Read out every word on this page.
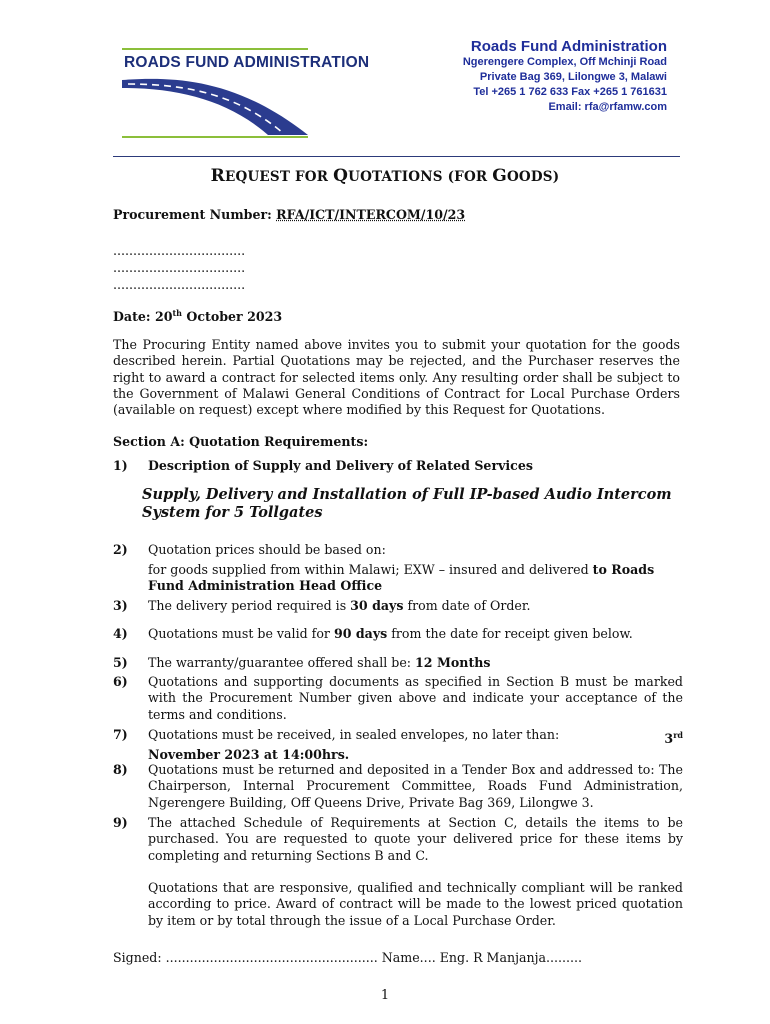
ROADS FUND ADMINISTRATION
Roads Fund Administration
Ngerengere Complex, Off Mchinji Road
Private Bag 369, Lilongwe 3, Malawi
Tel +265 1 762 633 Fax +265 1 761631
Email: rfa@rfamw.com
REQUEST FOR QUOTATIONS (FOR GOODS)
Procurement Number: RFA/ICT/INTERCOM/10/23
.................................
.................................
.................................
Date: 20th October 2023
The Procuring Entity named above invites you to submit your quotation for the goods described herein. Partial Quotations may be rejected, and the Purchaser reserves the right to award a contract for selected items only. Any resulting order shall be subject to the Government of Malawi General Conditions of Contract for Local Purchase Orders (available on request) except where modified by this Request for Quotations.
Section A: Quotation Requirements:
1) Description of Supply and Delivery of Related Services
Supply, Delivery and Installation of Full IP-based Audio Intercom System for 5 Tollgates
2) Quotation prices should be based on:
for goods supplied from within Malawi; EXW – insured and delivered to Roads Fund Administration Head Office
3) The delivery period required is 30 days from date of Order.
4) Quotations must be valid for 90 days from the date for receipt given below.
5) The warranty/guarantee offered shall be: 12 Months
6) Quotations and supporting documents as specified in Section B must be marked with the Procurement Number given above and indicate your acceptance of the terms and conditions.
7) Quotations must be received, in sealed envelopes, no later than:	3rd
November 2023 at 14:00hrs.
8) Quotations must be returned and deposited in a Tender Box and addressed to: The Chairperson, Internal Procurement Committee, Roads Fund Administration, Ngerengere Building, Off Queens Drive, Private Bag 369, Lilongwe 3.
9) The attached Schedule of Requirements at Section C, details the items to be purchased. You are requested to quote your delivered price for these items by completing and returning Sections B and C.
Quotations that are responsive, qualified and technically compliant will be ranked according to price. Award of contract will be made to the lowest priced quotation by item or by total through the issue of a Local Purchase Order.
Signed: ..................................................... Name.... Eng. R Manjanja.........
1
